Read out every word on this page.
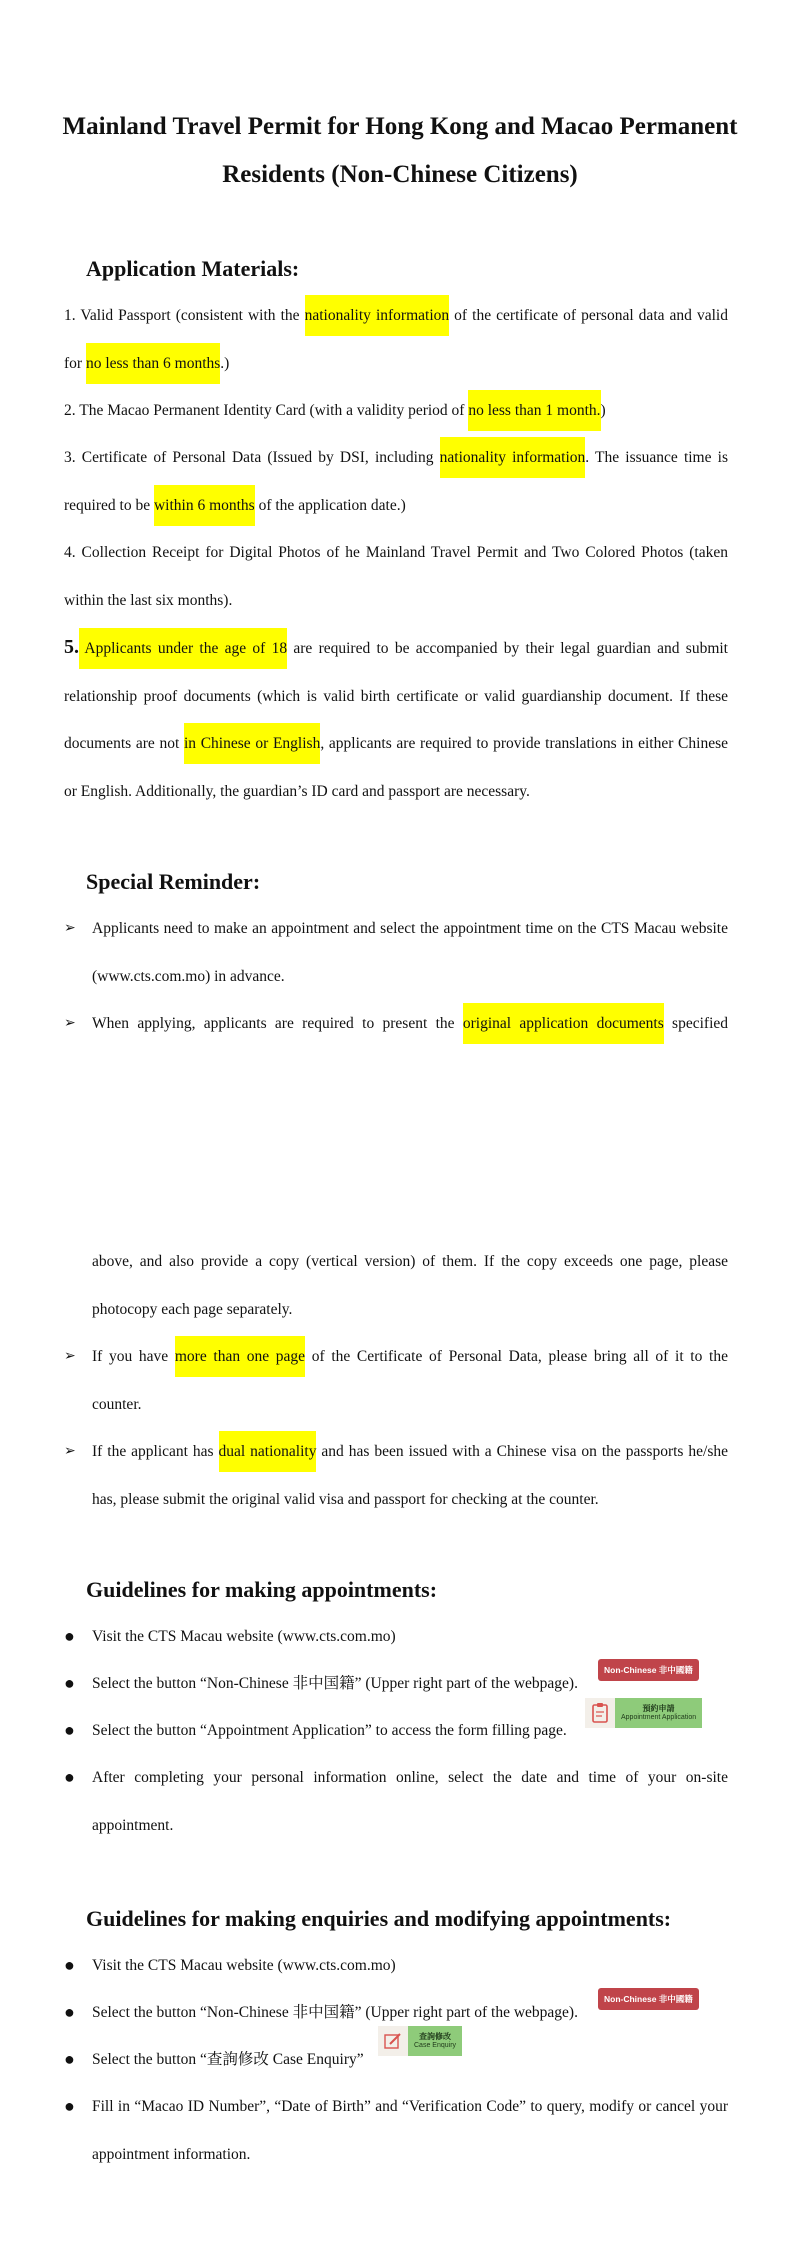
Mainland Travel Permit for Hong Kong and Macao Permanent
Residents (Non-Chinese Citizens)
Application Materials:

1. Valid Passport (consistent with the nationality information of the certificate of personal data and valid for no less than 6 months.)

2. The Macao Permanent Identity Card (with a validity period of no less than 1 month.)

3. Certificate of Personal Data (Issued by DSI, including nationality information. The issuance time is required to be within 6 months of the application date.)

4. Collection Receipt for Digital Photos of he Mainland Travel Permit and Two Colored Photos (taken within the last six months).

5. Applicants under the age of 18 are required to be accompanied by their legal guardian and submit relationship proof documents (which is valid birth certificate or valid guardianship document. If these documents are not in Chinese or English, applicants are required to provide translations in either Chinese or English. Additionally, the guardian’s ID card and passport are necessary.

Special Reminder:
➢	Applicants need to make an appointment and select the appointment time on the CTS Macau website (www.cts.com.mo) in advance.
➢	When applying, applicants are required to present the original application documents specified
above, and also provide a copy (vertical version) of them. If the copy exceeds one page, please photocopy each page separately.
➢	If you have more than one page of the Certificate of Personal Data, please bring all of it to the counter.
➢	If the applicant has dual nationality and has been issued with a Chinese visa on the passports he/she has, please submit the original valid visa and passport for checking at the counter.
Guidelines for making appointments:
●	Visit the CTS Macau website (www.cts.com.mo)
●	Select the button “Non-Chinese 非中国籍” (Upper right part of the webpage).
●	Select the button “Appointment Application” to access the form filling page.
●	After completing your personal information online, select the date and time of your on-site appointment.
Non-Chinese 非中國籍
預約申請
Appointment Application
Guidelines for making enquiries and modifying appointments:
●	Visit the CTS Macau website (www.cts.com.mo)
●	Select the button “Non-Chinese 非中国籍” (Upper right part of the webpage).
●	Select the button “查詢修改 Case Enquiry”
●	Fill in “Macao ID Number”, “Date of Birth” and “Verification Code” to query, modify or cancel your appointment information.
Non-Chinese 非中國籍
查詢修改
Case Enquiry
